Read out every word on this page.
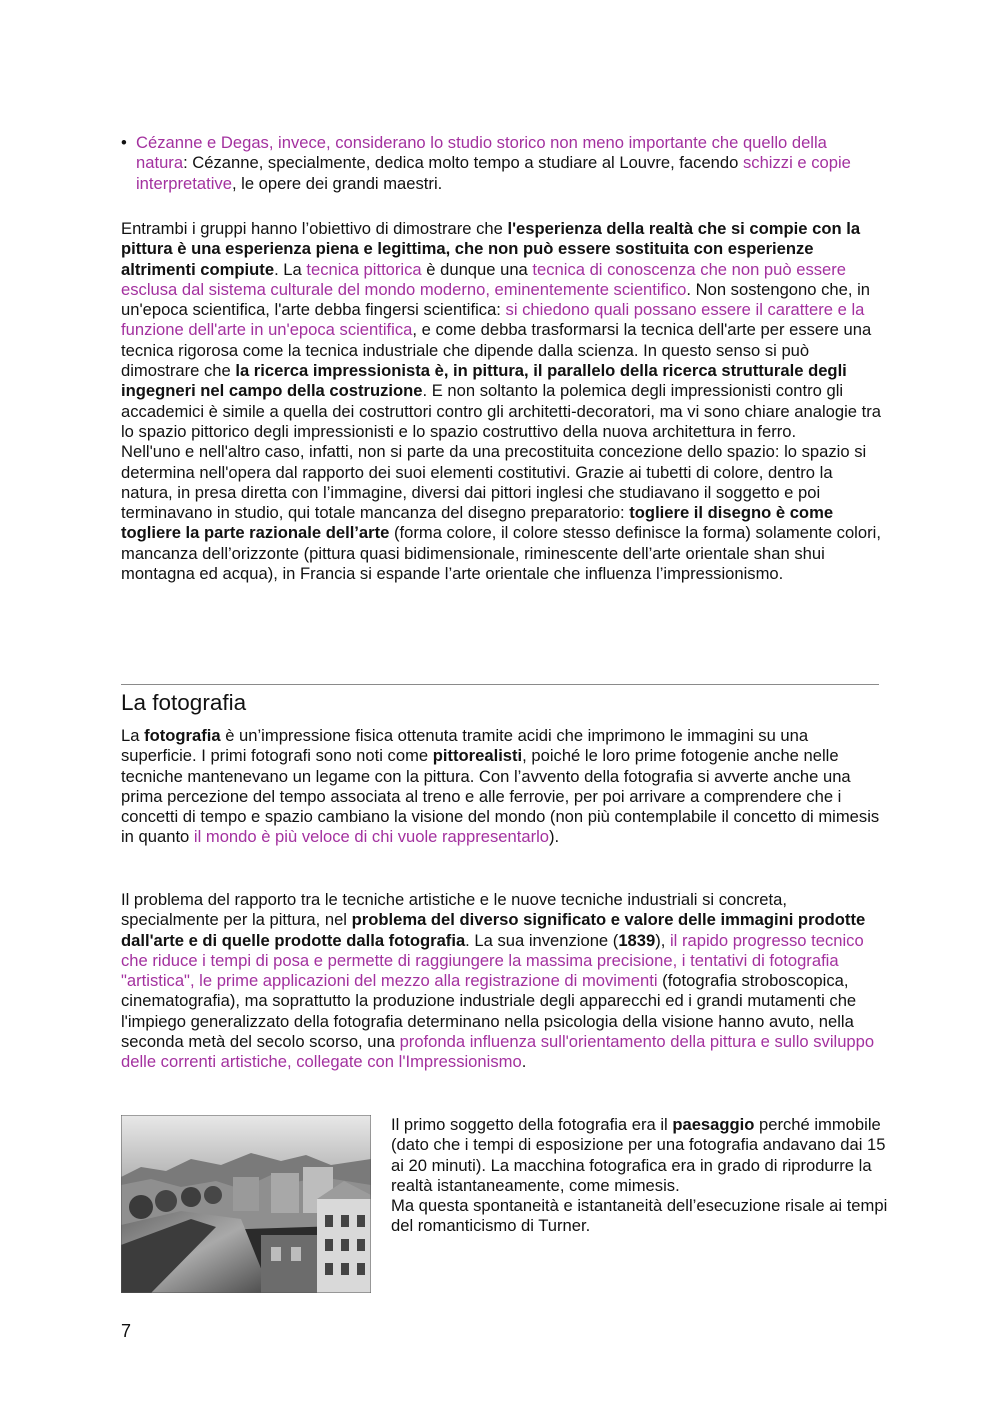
• Cézanne e Degas, invece, considerano lo studio storico non meno importante che quello della natura: Cézanne, specialmente, dedica molto tempo a studiare al Louvre, facendo schizzi e copie interpretative, le opere dei grandi maestri.
Entrambi i gruppi hanno l’obiettivo di dimostrare che l'esperienza della realtà che si compie con la pittura è una esperienza piena e legittima, che non può essere sostituita con esperienze altrimenti compiute. La tecnica pittorica è dunque una tecnica di conoscenza che non può essere esclusa dal sistema culturale del mondo moderno, eminentemente scientifico. Non sostengono che, in un'epoca scientifica, l'arte debba fingersi scientifica: si chiedono quali possano essere il carattere e la funzione dell'arte in un'epoca scientifica, e come debba trasformarsi la tecnica dell'arte per essere una tecnica rigorosa come la tecnica industriale che dipende dalla scienza. In questo senso si può dimostrare che la ricerca impressionista è, in pittura, il parallelo della ricerca strutturale degli ingegneri nel campo della costruzione. E non soltanto la polemica degli impressionisti contro gli accademici è simile a quella dei costruttori contro gli architetti-decoratori, ma vi sono chiare analogie tra lo spazio pittorico degli impressionisti e lo spazio costruttivo della nuova architettura in ferro.
Nell'uno e nell'altro caso, infatti, non si parte da una precostituita concezione dello spazio: lo spazio si determina nell'opera dal rapporto dei suoi elementi costitutivi. Grazie ai tubetti di colore, dentro la natura, in presa diretta con l’immagine, diversi dai pittori inglesi che studiavano il soggetto e poi terminavano in studio, qui totale mancanza del disegno preparatorio: togliere il disegno è come togliere la parte razionale dell’arte (forma colore, il colore stesso definisce la forma) solamente colori, mancanza dell’orizzonte (pittura quasi bidimensionale, riminescente dell’arte orientale shan shui montagna ed acqua), in Francia si espande l’arte orientale che influenza l’impressionismo.
La fotografia
La fotografia è un’impressione fisica ottenuta tramite acidi che imprimono le immagini su una superficie. I primi fotografi sono noti come pittorealisti, poiché le loro prime fotogenie anche nelle tecniche mantenevano un legame con la pittura. Con l’avvento della fotografia si avverte anche una prima percezione del tempo associata al treno e alle ferrovie, per poi arrivare a comprendere che i concetti di tempo e spazio cambiano la visione del mondo (non più contemplabile il concetto di mimesis in quanto il mondo è più veloce di chi vuole rappresentarlo).
Il problema del rapporto tra le tecniche artistiche e le nuove tecniche industriali si concreta, specialmente per la pittura, nel problema del diverso significato e valore delle immagini prodotte dall'arte e di quelle prodotte dalla fotografia. La sua invenzione (1839), il rapido progresso tecnico che riduce i tempi di posa e permette di raggiungere la massima precisione, i tentativi di fotografia "artistica", le prime applicazioni del mezzo alla registrazione di movimenti (fotografia stroboscopica, cinematografia), ma soprattutto la produzione industriale degli apparecchi ed i grandi mutamenti che l'impiego generalizzato della fotografia determinano nella psicologia della visione hanno avuto, nella seconda metà del secolo scorso, una profonda influenza sull'orientamento della pittura e sullo sviluppo delle correnti artistiche, collegate con l'Impressionismo.
Il primo soggetto della fotografia era il paesaggio perché immobile (dato che i tempi di esposizione per una fotografia andavano dai 15 ai 20 minuti). La macchina fotografica era in grado di riprodurre la realtà istantaneamente, come mimesis.
Ma questa spontaneità e istantaneità dell’esecuzione risale ai tempi del romanticismo di Turner.
7
